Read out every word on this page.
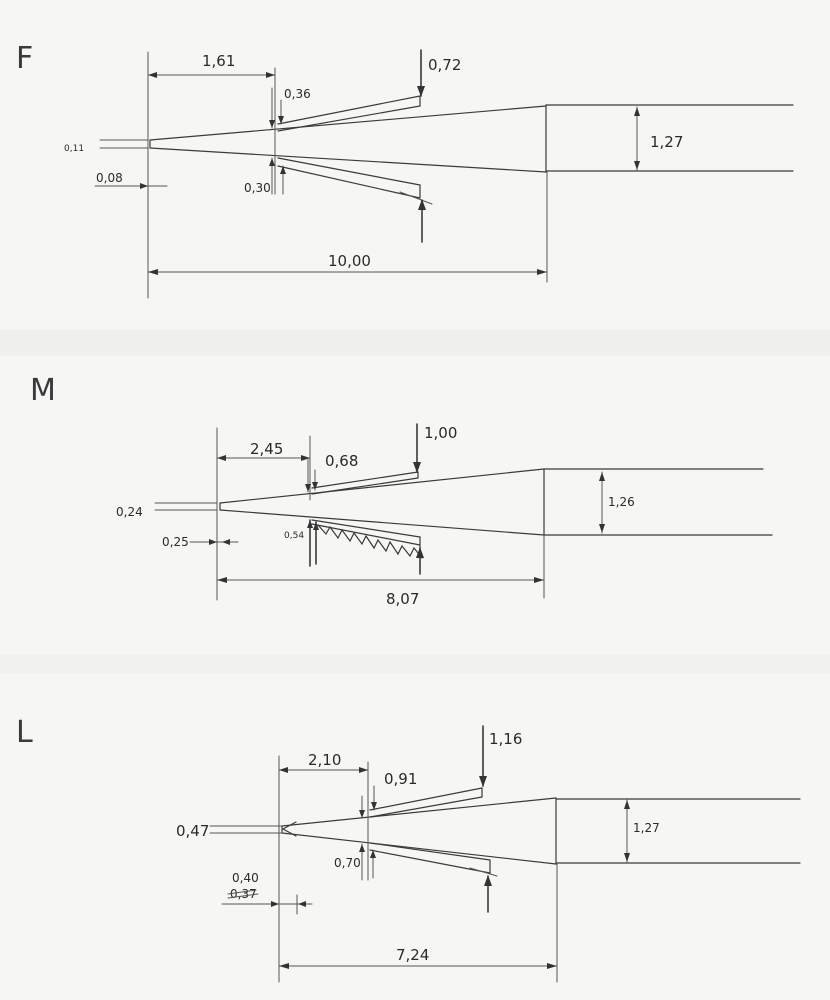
F	1,61
0,36
0,30
0,72
0,11
0,08
1,27
10,00
M
2,45
0,68
0,54
1,00
0,24
0,25
1,26
8,07
L
2,10
0,91
0,70
1,16
0,47
0,40
0,37
1,27
7,24
